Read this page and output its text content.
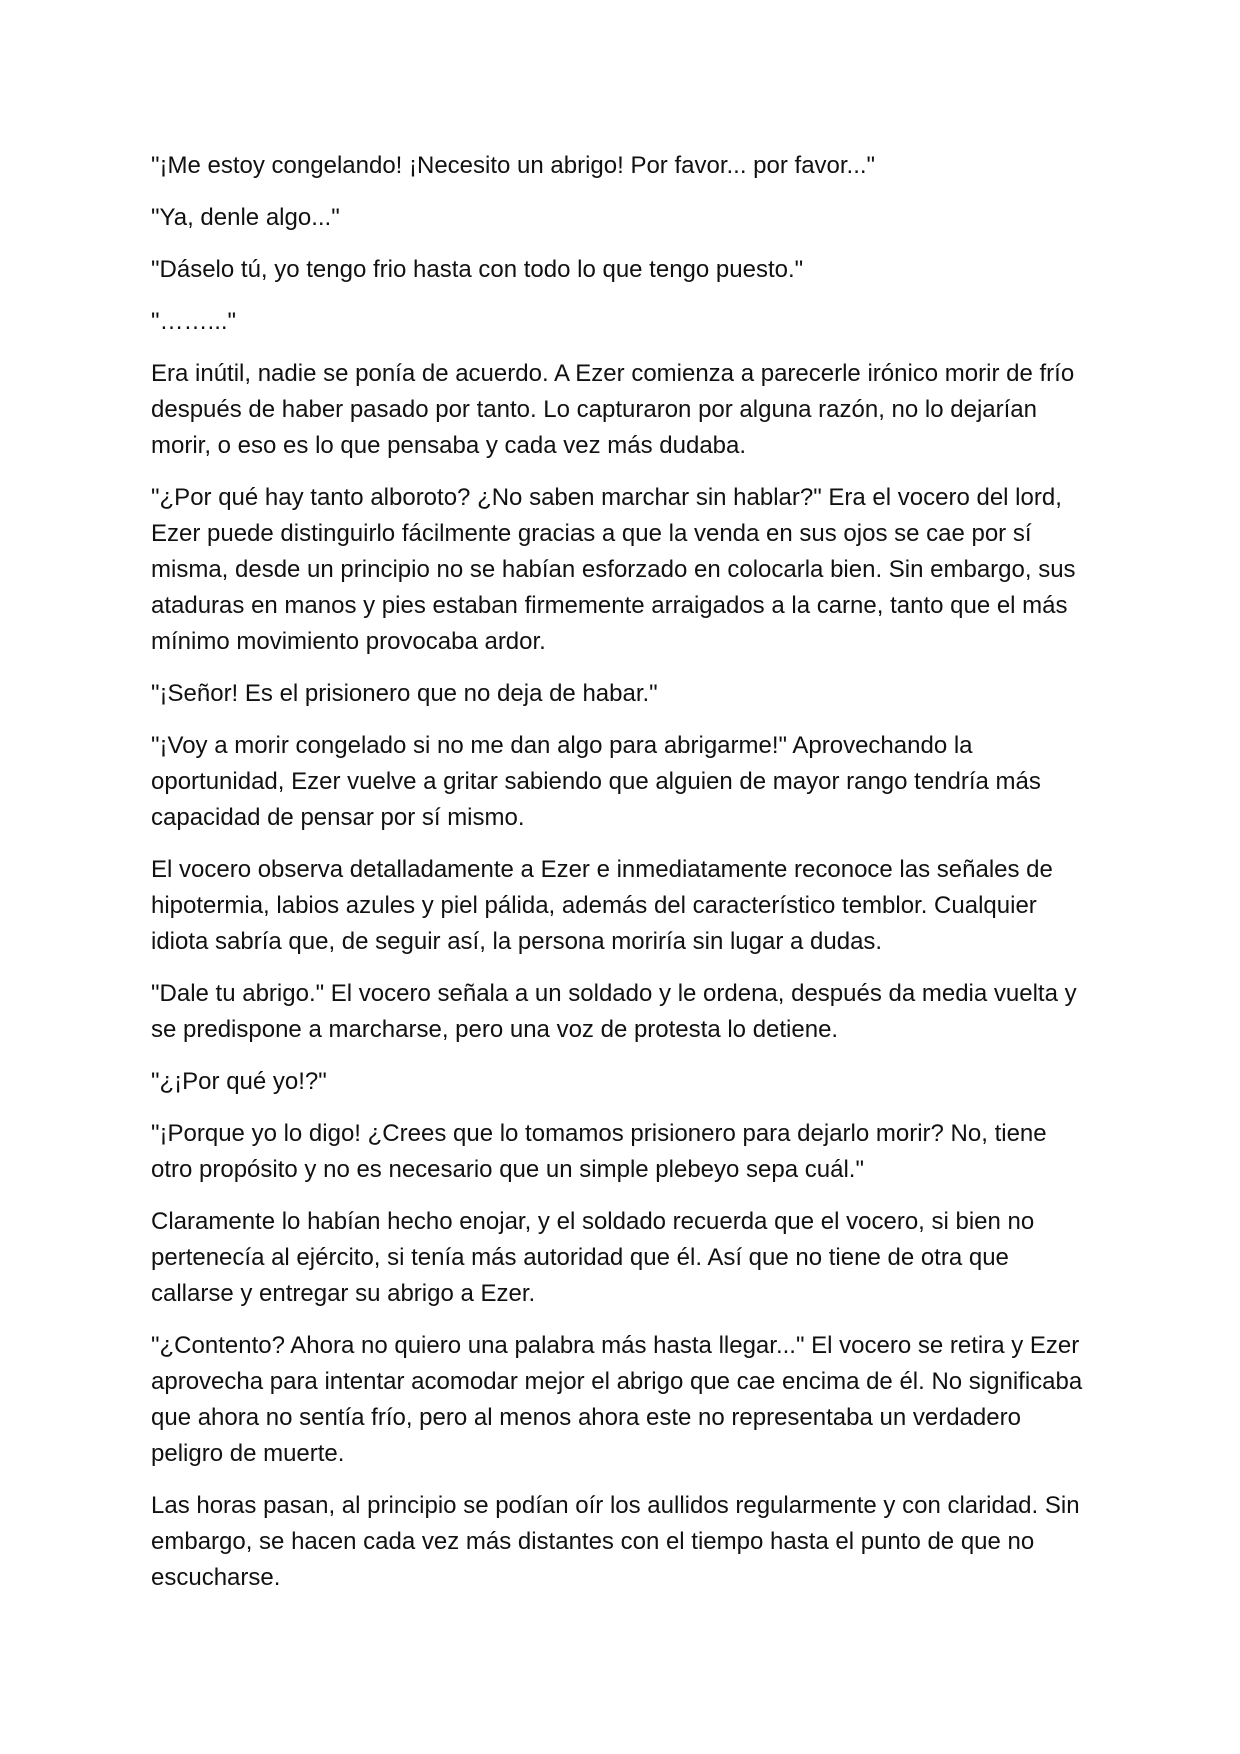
"¡Me estoy congelando! ¡Necesito un abrigo! Por favor... por favor..."

"Ya, denle algo..."

"Dáselo tú, yo tengo frio hasta con todo lo que tengo puesto."

"……..."

Era inútil, nadie se ponía de acuerdo. A Ezer comienza a parecerle irónico morir de frío después de haber pasado por tanto. Lo capturaron por alguna razón, no lo dejarían morir, o eso es lo que pensaba y cada vez más dudaba.

"¿Por qué hay tanto alboroto? ¿No saben marchar sin hablar?" Era el vocero del lord, Ezer puede distinguirlo fácilmente gracias a que la venda en sus ojos se cae por sí misma, desde un principio no se habían esforzado en colocarla bien. Sin embargo, sus ataduras en manos y pies estaban firmemente arraigados a la carne, tanto que el más mínimo movimiento provocaba ardor.

"¡Señor! Es el prisionero que no deja de habar."

"¡Voy a morir congelado si no me dan algo para abrigarme!" Aprovechando la oportunidad, Ezer vuelve a gritar sabiendo que alguien de mayor rango tendría más capacidad de pensar por sí mismo.

El vocero observa detalladamente a Ezer e inmediatamente reconoce las señales de hipotermia, labios azules y piel pálida, además del característico temblor. Cualquier idiota sabría que, de seguir así, la persona moriría sin lugar a dudas.

"Dale tu abrigo." El vocero señala a un soldado y le ordena, después da media vuelta y se predispone a marcharse, pero una voz de protesta lo detiene.

"¿¡Por qué yo!?"

"¡Porque yo lo digo! ¿Crees que lo tomamos prisionero para dejarlo morir? No, tiene otro propósito y no es necesario que un simple plebeyo sepa cuál."

Claramente lo habían hecho enojar, y el soldado recuerda que el vocero, si bien no pertenecía al ejército, si tenía más autoridad que él. Así que no tiene de otra que callarse y entregar su abrigo a Ezer.

"¿Contento? Ahora no quiero una palabra más hasta llegar..." El vocero se retira y Ezer aprovecha para intentar acomodar mejor el abrigo que cae encima de él. No significaba que ahora no sentía frío, pero al menos ahora este no representaba un verdadero peligro de muerte.

Las horas pasan, al principio se podían oír los aullidos regularmente y con claridad. Sin embargo, se hacen cada vez más distantes con el tiempo hasta el punto de que no escucharse.
